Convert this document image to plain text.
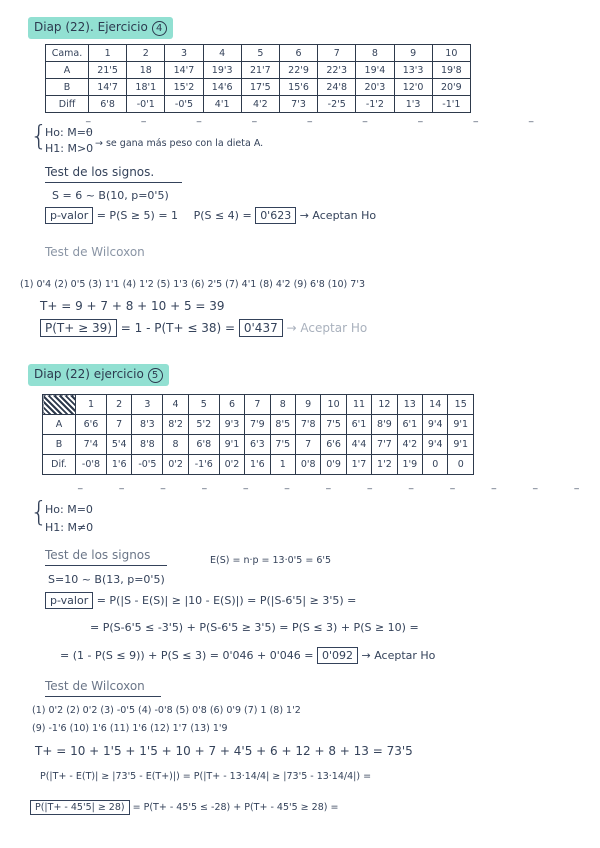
Diap (22). Ejercicio 4
Cama.	1	2	3	4	5	6	7	8	9	10
A	21'5	18	14'7	19'3	21'7	22'9	22'3	19'4	13'3	19'8
B	14'7	18'1	15'2	14'6	17'5	15'6	24'8	20'3	12'0	20'9
Diff	6'8	-0'1	-0'5	4'1	4'2	7'3	-2'5	-1'2	1'3	-1'1
_ _ _ _ _ _ _ _ _ _
{
Ho: M=0
H1: M>0 → se gana más peso con la dieta A.
Test de los signos.
S = 6 ~ B(10, p=0'5)
p-valor = P(S ≥ 5) = 1 P(S ≤ 4) = 0'623 → Aceptan Ho
Test de Wilcoxon
(1) 0'4 (2) 0'5 (3) 1'1 (4) 1'2 (5) 1'3 (6) 2'5 (7) 4'1 (8) 4'2 (9) 6'8 (10) 7'3
T+ = 9 + 7 + 8 + 10 + 5 = 39
P(T+ ≥ 39) = 1 - P(T+ ≤ 38) = 0'437 → Aceptar Ho
Diap (22) ejercicio 5
	1	2	3	4	5	6	7	8	9	10	11	12	13	14	15
A	6'6	7	8'3	8'2	5'2	9'3	7'9	8'5	7'8	7'5	6'1	8'9	6'1	9'4	9'1
B	7'4	5'4	8'8	8	6'8	9'1	6'3	7'5	7	6'6	4'4	7'7	4'2	9'4	9'1
Dif.	-0'8	1'6	-0'5	0'2	-1'6	0'2	1'6	1	0'8	0'9	1'7	1'2	1'9	0	0
_ _ _ _ _ _ _ _ _ _ _ _ _
{
Ho: M=0
H1: M≠0
Test de los signos
S=10 ~ B(13, p=0'5)
E(S) = n·p = 13·0'5 = 6'5
p-valor = P(|S - E(S)| ≥ |10 - E(S)|) = P(|S-6'5| ≥ 3'5) =
= P(S-6'5 ≤ -3'5) + P(S-6'5 ≥ 3'5) = P(S ≤ 3) + P(S ≥ 10) =
= (1 - P(S ≤ 9)) + P(S ≤ 3) = 0'046 + 0'046 = 0'092 → Aceptar Ho
Test de Wilcoxon
(1) 0'2 (2) 0'2 (3) -0'5 (4) -0'8 (5) 0'8 (6) 0'9 (7) 1 (8) 1'2
(9) -1'6 (10) 1'6 (11) 1'6 (12) 1'7 (13) 1'9
T+ = 10 + 1'5 + 1'5 + 10 + 7 + 4'5 + 6 + 12 + 8 + 13 = 73'5
P(|T+ - E(T)| ≥ |73'5 - E(T+)|) = P(|T+ - 13·14/4| ≥ |73'5 - 13·14/4|) =
P(|T+ - 45'5| ≥ 28) = P(T+ - 45'5 ≤ -28) + P(T+ - 45'5 ≥ 28) =
